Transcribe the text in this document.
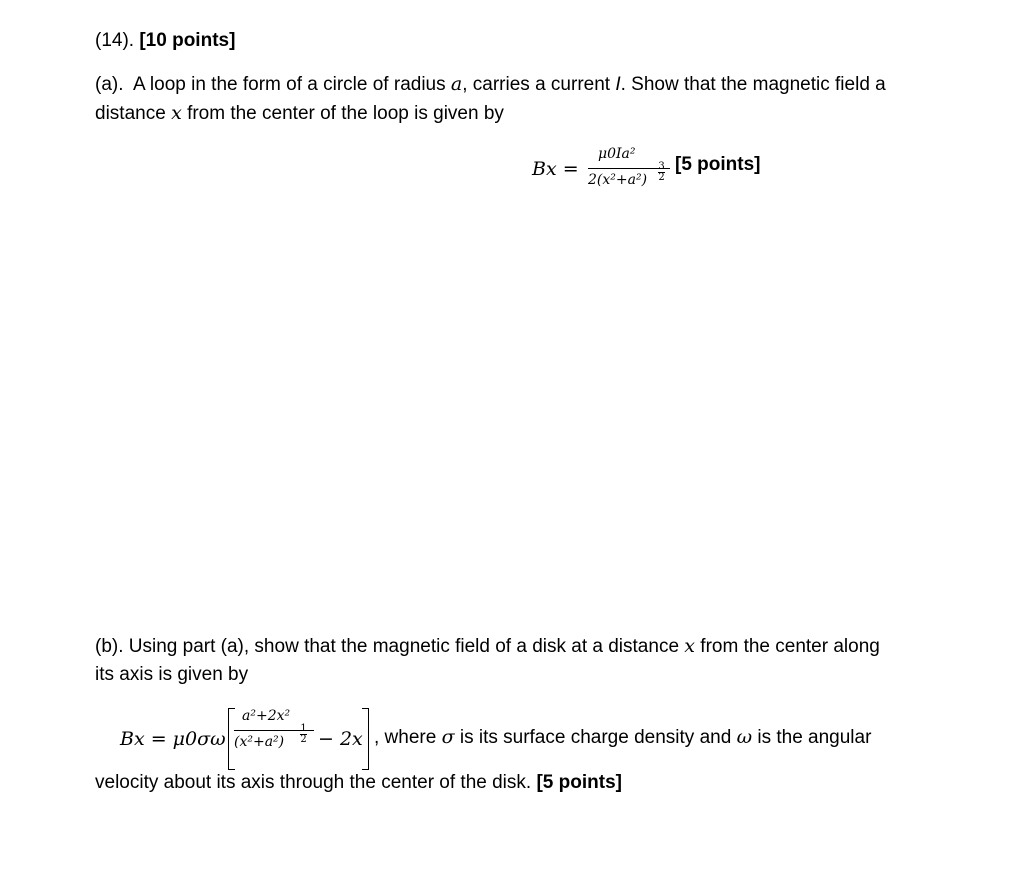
(14). [10 points]
(a). A loop in the form of a circle of radius a, carries a current I. Show that the magnetic field a
distance x from the center of the loop is given by
Bx =
μ0Ia²
2(x²+a²)
3
2
[5 points]
(b). Using part (a), show that the magnetic field of a disk at a distance x from the center along
its axis is given by
Bx = μ0σω
a²+2x²
(x²+a²)
1
2 − 2x , where σ is its surface charge density and ω is the angular
velocity about its axis through the center of the disk. [5 points]
